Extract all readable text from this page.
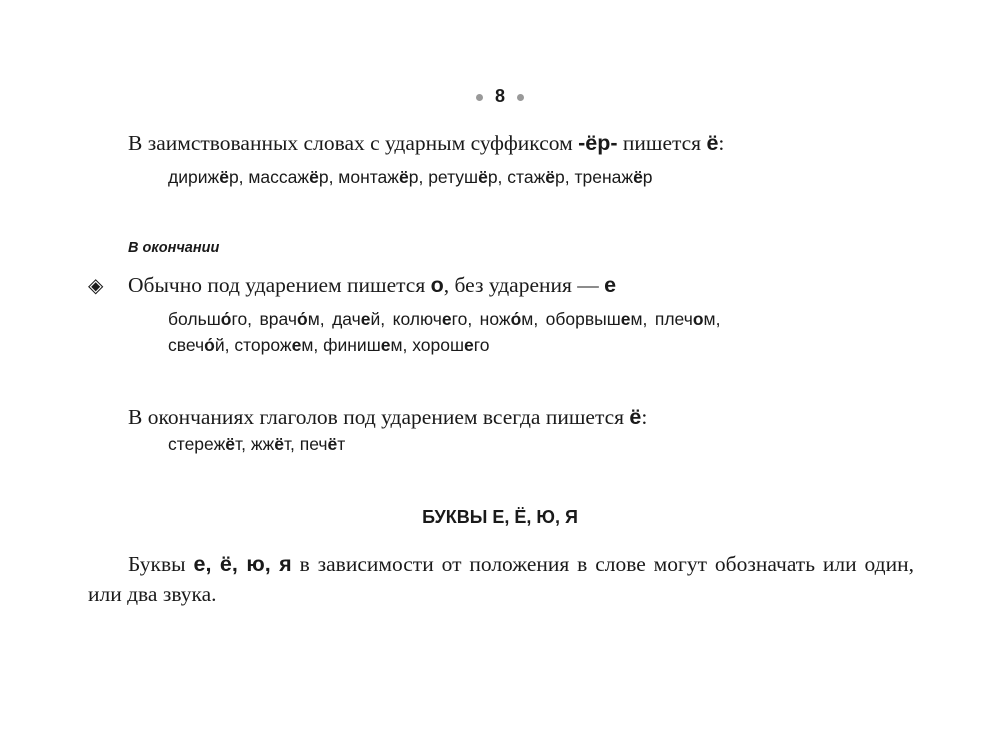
8
В заимствованных словах с ударным суффиксом -ёр- пишется ё:
дирижёр, массажёр, монтажёр, ретушёр, стажёр, тренажёр
В окончании
◈ Обычно под ударением пишется о, без ударения — е
большо́го, врачо́м, дачей, колючего, ножо́м, оборвышем, плечом,
свечо́й, сторожем, финишем, хорошего
В окончаниях глаголов под ударением всегда пишется ё:
стережёт, жжёт, печёт
БУКВЫ Е, Ё, Ю, Я
Буквы е, ё, ю, я в зависимости от положения в слове могут обозначать или один, или два звука.
